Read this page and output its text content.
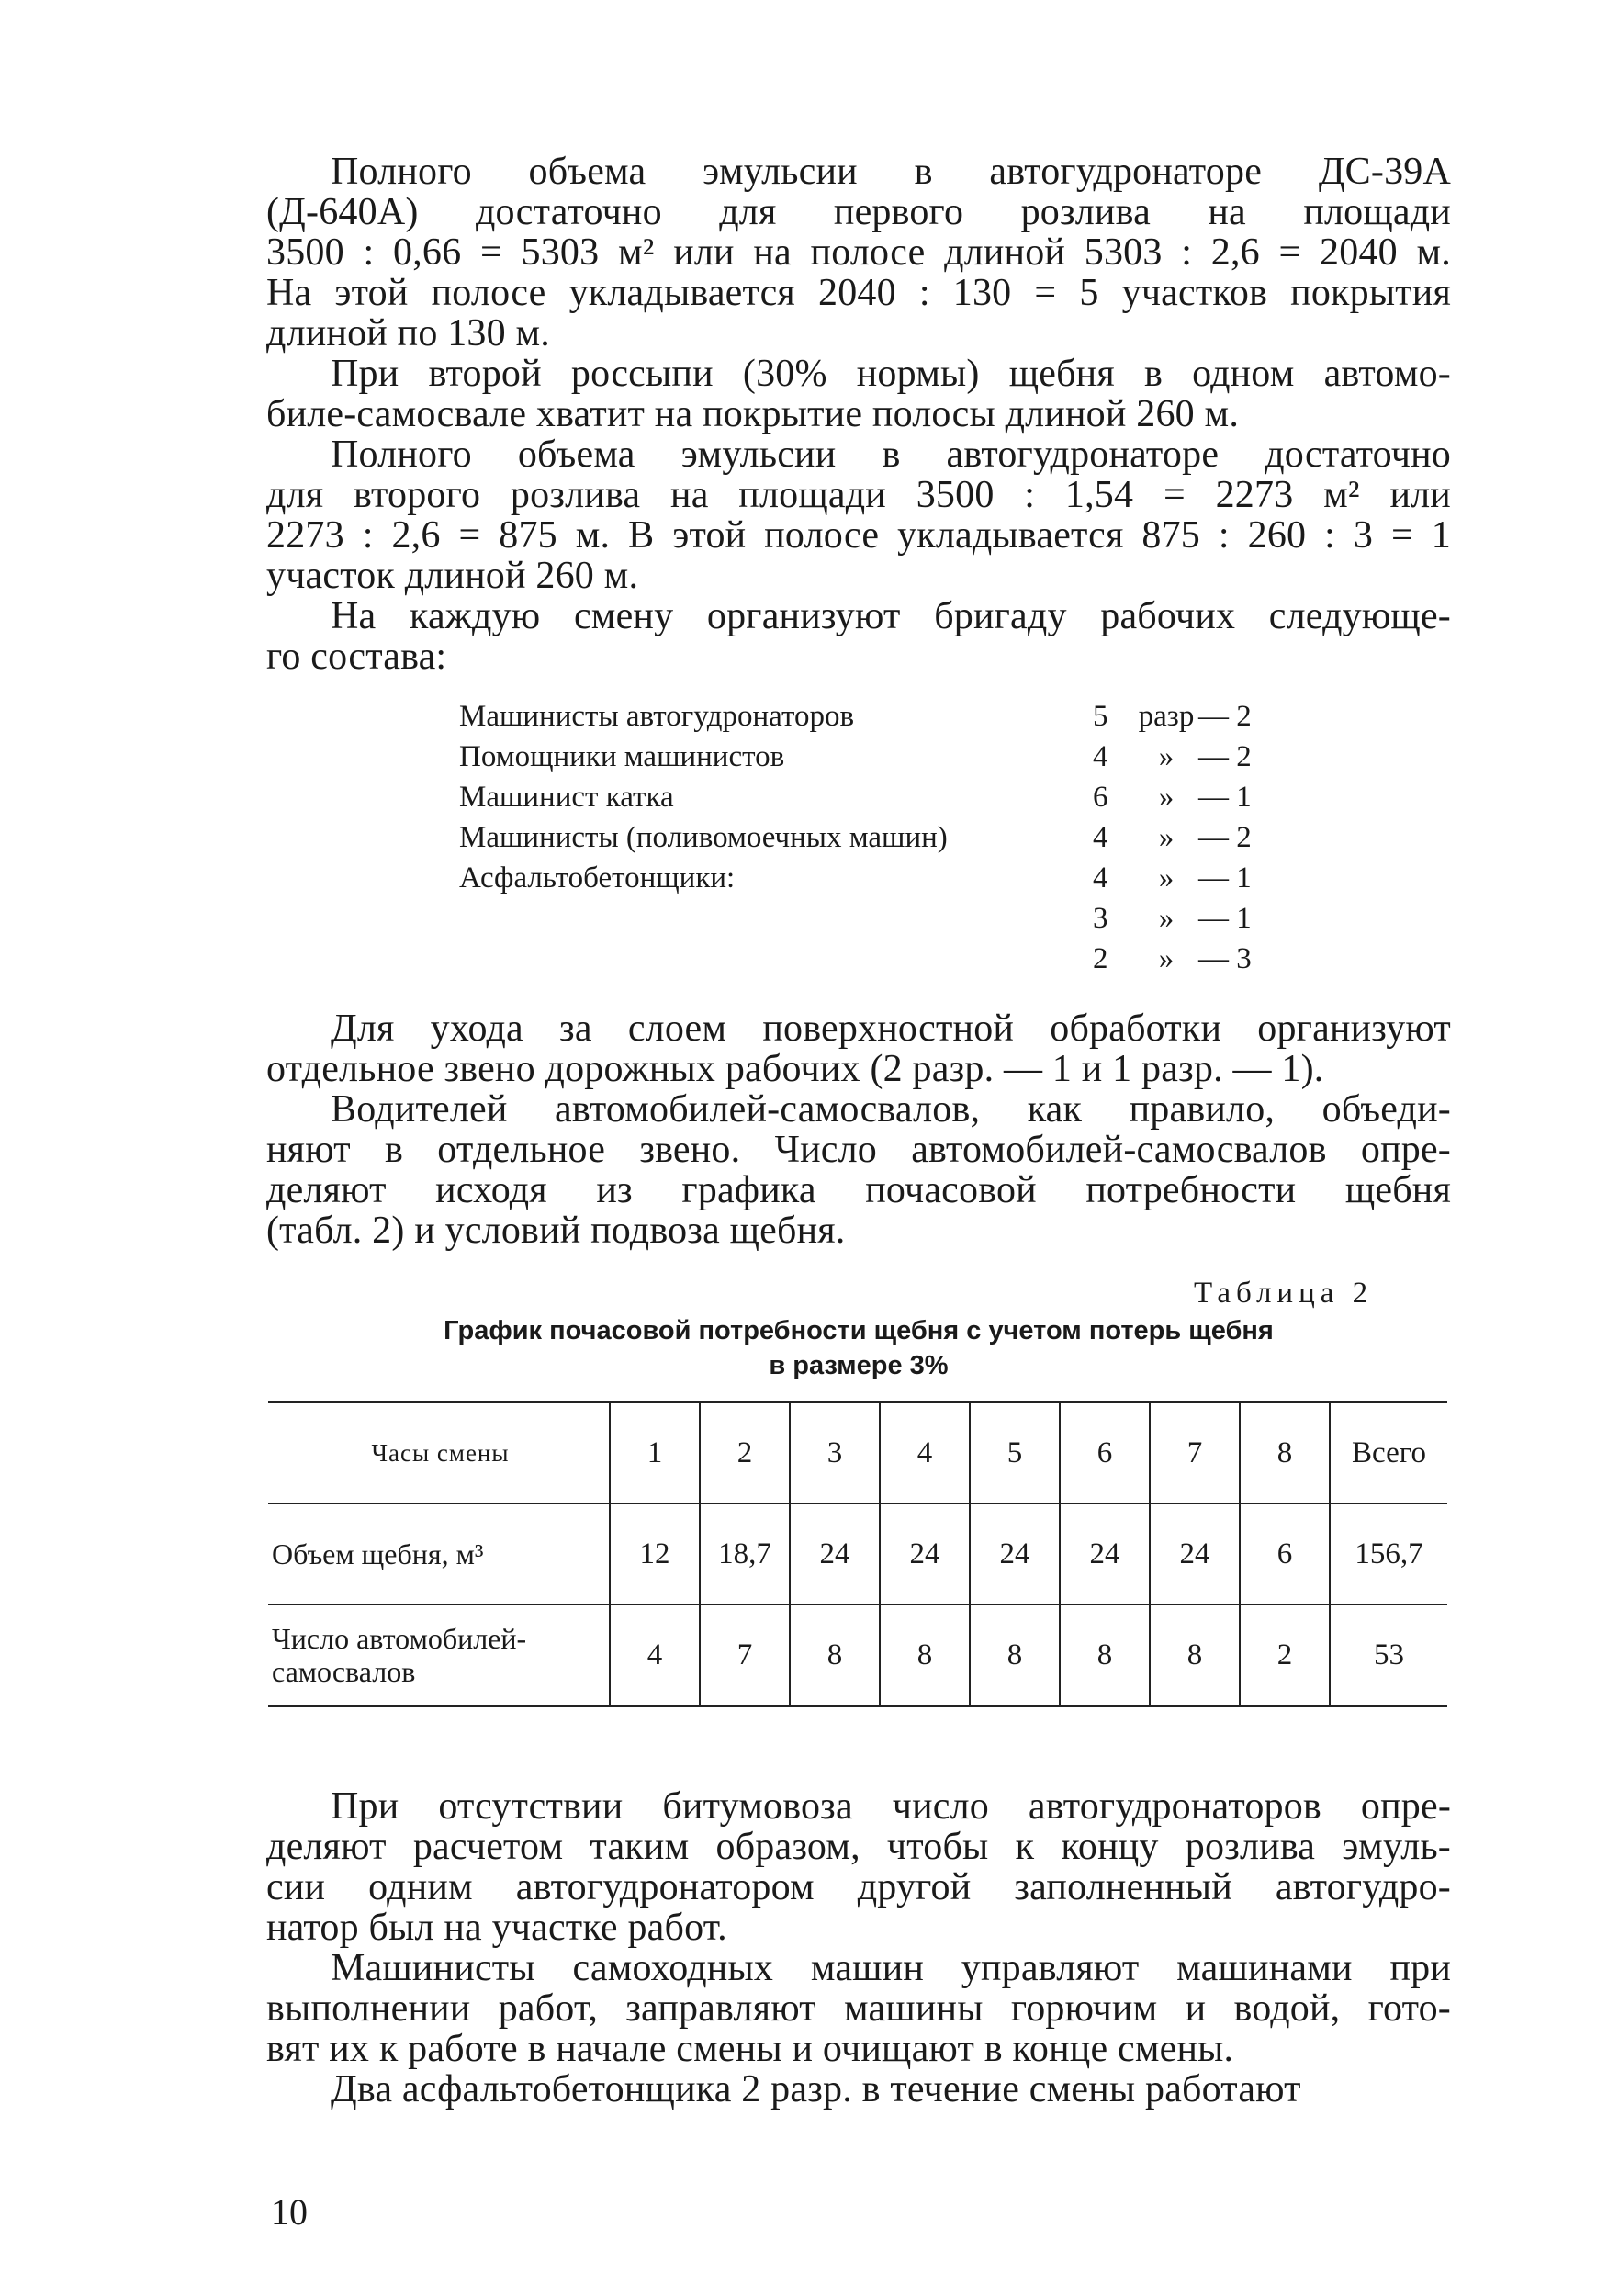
Полного объема эмульсии в автогудронаторе ДС-39А
(Д-640А) достаточно для первого розлива на площади
3500 : 0,66 = 5303 м² или на полосе длиной 5303 : 2,6 = 2040 м.
На этой полосе укладывается 2040 : 130 = 5 участков покрытия
длиной по 130 м.
При второй россыпи (30% нормы) щебня в одном автомо-
биле-самосвале хватит на покрытие полосы длиной 260 м.
Полного объема эмульсии в автогудронаторе достаточно
для второго розлива на площади 3500 : 1,54 = 2273 м² или
2273 : 2,6 = 875 м. В этой полосе укладывается 875 : 260 : 3 = 1
участок длиной 260 м.
На каждую смену организуют бригаду рабочих следующе-
го состава:
Машинисты автогудронаторов	5	разр — 2
Помощники машинистов	4	» — 2
Машинист катка	6	» — 1
Машинисты (поливомоечных машин)	4	» — 2
Асфальтобетонщики:	4	» — 1
3	» — 1
2	» — 3
Для ухода за слоем поверхностной обработки организуют
отдельное звено дорожных рабочих (2 разр. — 1 и 1 разр. — 1).
Водителей автомобилей-самосвалов, как правило, объеди-
няют в отдельное звено. Число автомобилей-самосвалов опре-
деляют исходя из графика почасовой потребности щебня
(табл. 2) и условий подвоза щебня.
Таблица 2
График почасовой потребности щебня с учетом потерь щебня
в размере 3%
Часы смены	1	2	3	4	5	6	7	8	Всего
Объем щебня, м³	12	18,7	24	24	24	24	24	6	156,7
Число автомобилей-самосвалов	4	7	8	8	8	8	8	2	53
При отсутствии битумовоза число автогудронаторов опре-
деляют расчетом таким образом, чтобы к концу розлива эмуль-
сии одним автогудронатором другой заполненный автогудро-
натор был на участке работ.
Машинисты самоходных машин управляют машинами при
выполнении работ, заправляют машины горючим и водой, гото-
вят их к работе в начале смены и очищают в конце смены.
Два асфальтобетонщика 2 разр. в течение смены работают
10
